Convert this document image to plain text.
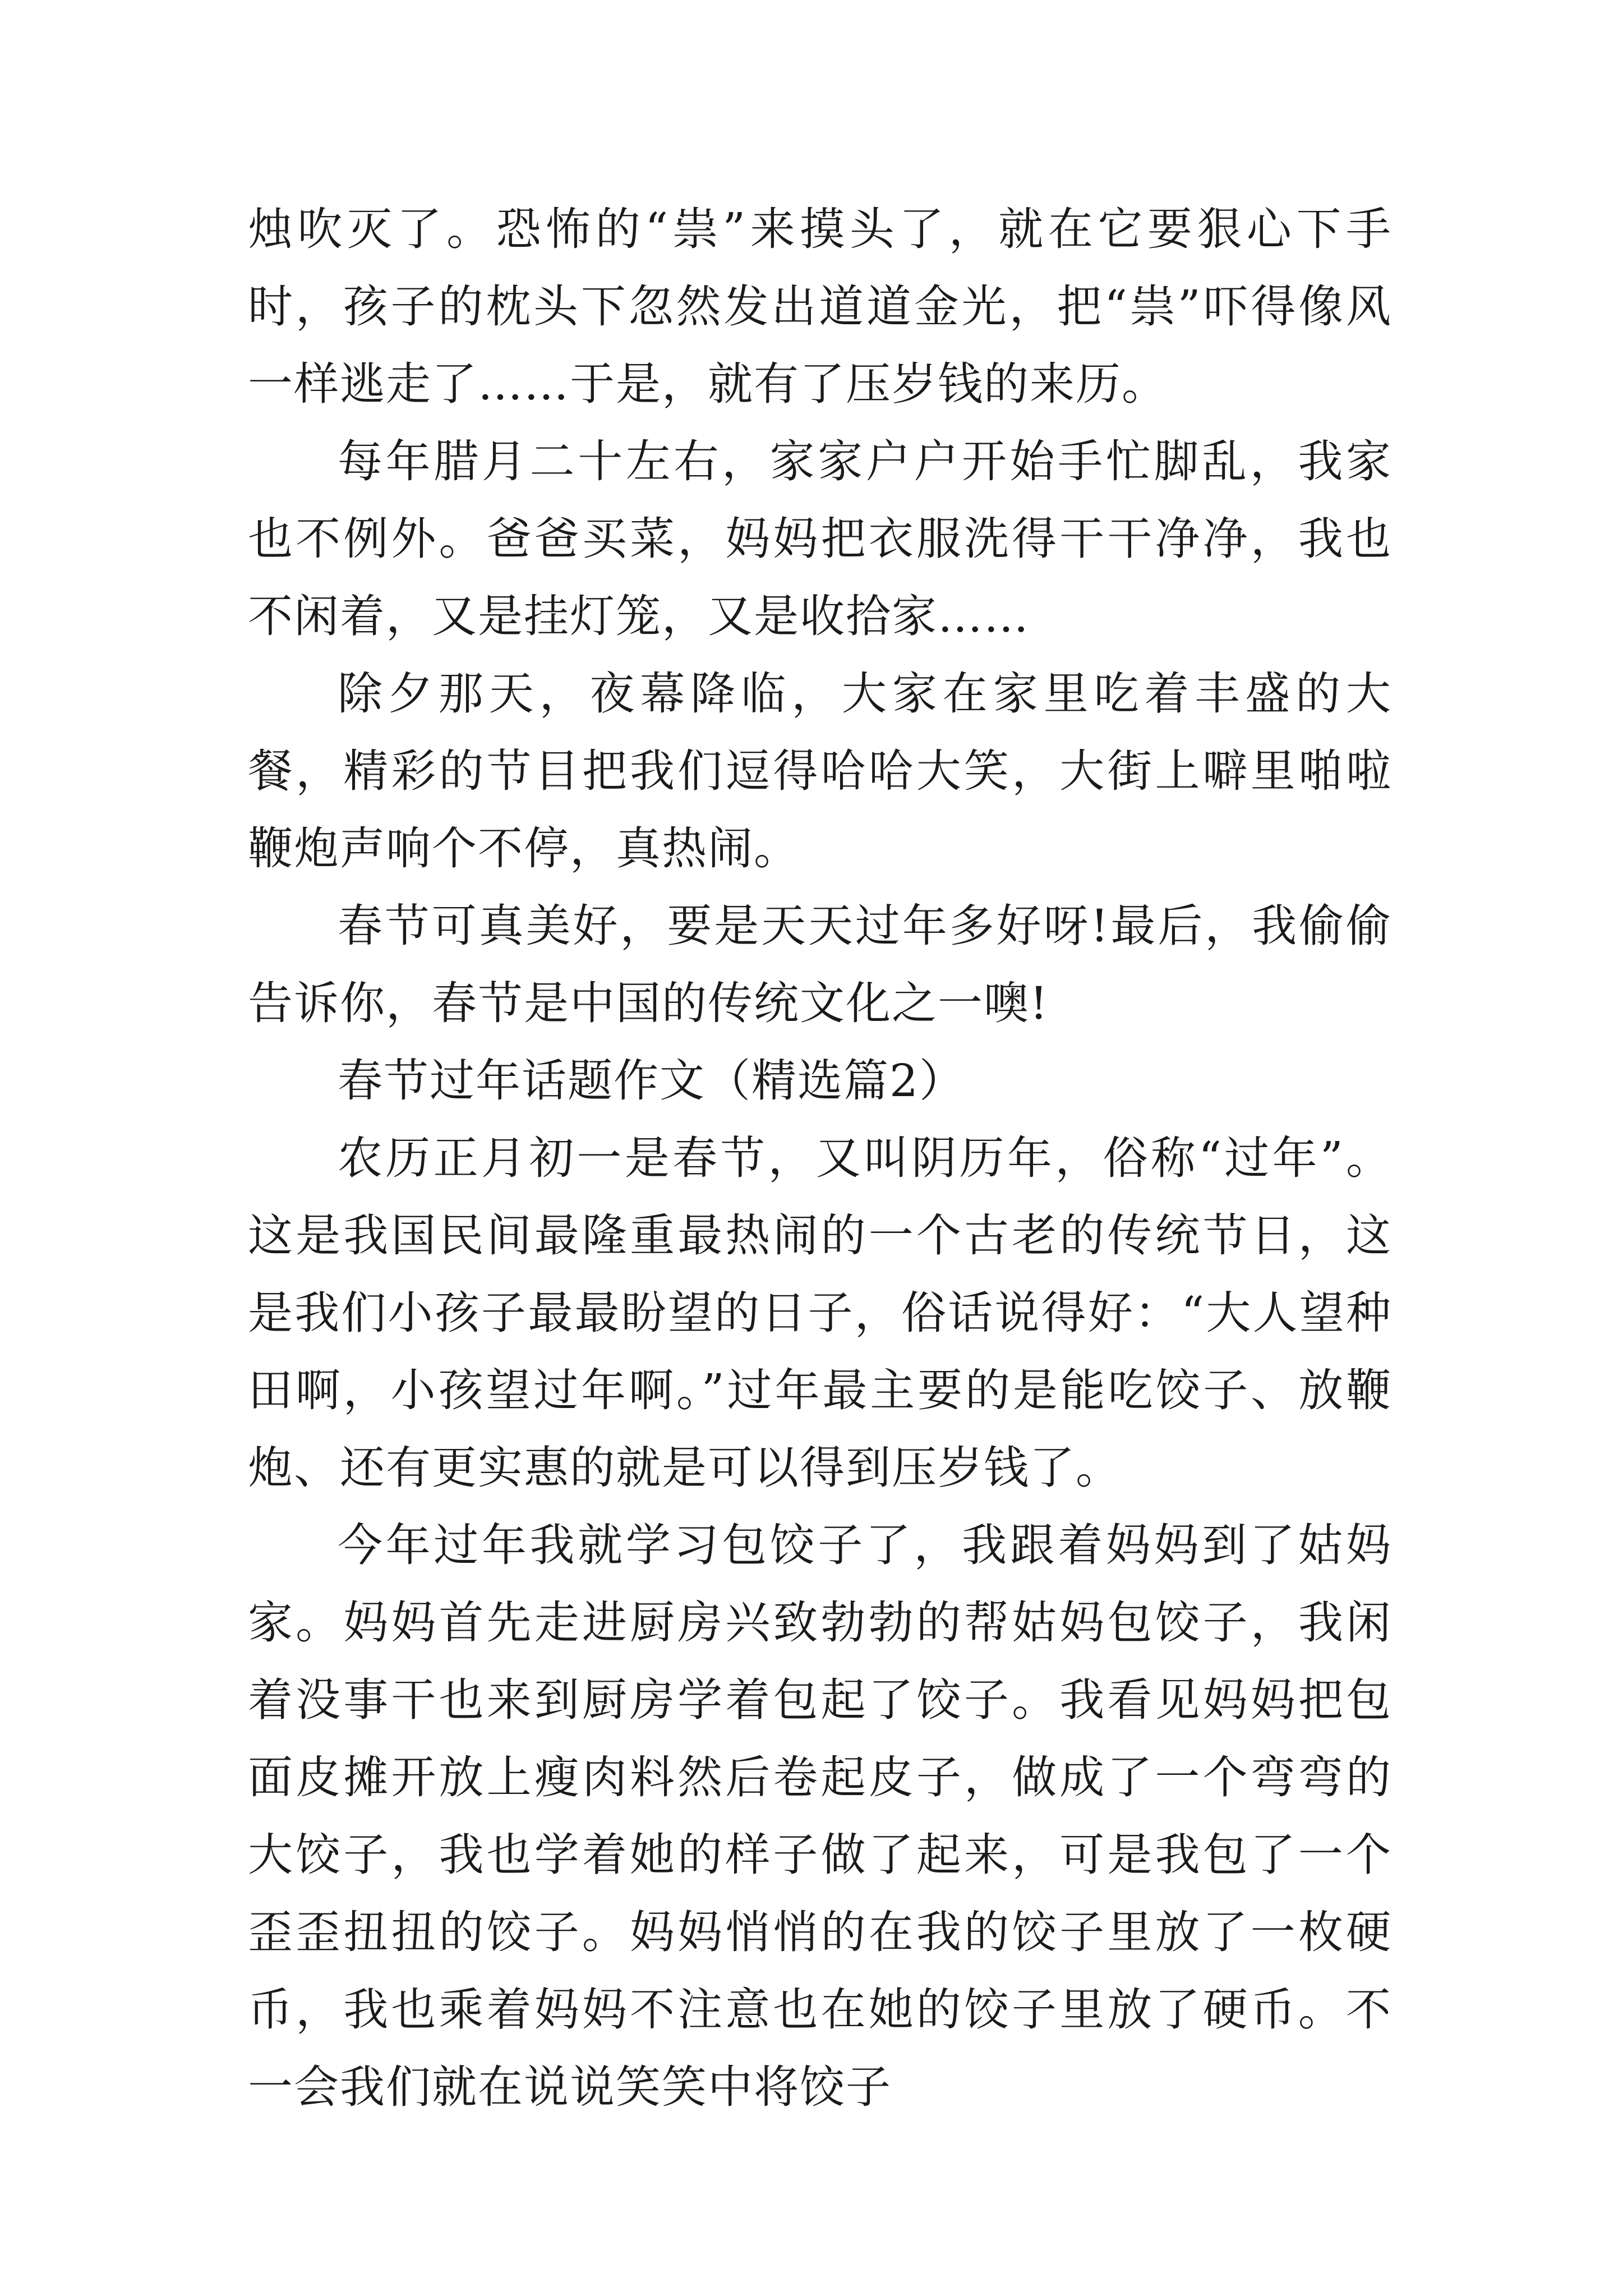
烛吹灭了。恐怖的“祟”来摸头了，就在它要狠心下手时，孩子的枕头下忽然发出道道金光，把“祟”吓得像风一样逃走了……于是，就有了压岁钱的来历。

每年腊月二十左右，家家户户开始手忙脚乱，我家也不例外。爸爸买菜，妈妈把衣服洗得干干净净，我也不闲着，又是挂灯笼，又是收拾家……

除夕那天，夜幕降临，大家在家里吃着丰盛的大餐，精彩的节目把我们逗得哈哈大笑，大街上噼里啪啦鞭炮声响个不停，真热闹。

春节可真美好，要是天天过年多好呀!最后，我偷偷告诉你，春节是中国的传统文化之一噢!

春节过年话题作文（精选篇2）

农历正月初一是春节，又叫阴历年，俗称“过年”。这是我国民间最隆重最热闹的一个古老的传统节日，这是我们小孩子最最盼望的日子，俗话说得好：“大人望种田啊，小孩望过年啊。”过年最主要的是能吃饺子、放鞭炮、还有更实惠的就是可以得到压岁钱了。

今年过年我就学习包饺子了，我跟着妈妈到了姑妈家。妈妈首先走进厨房兴致勃勃的帮姑妈包饺子，我闲着没事干也来到厨房学着包起了饺子。我看见妈妈把包面皮摊开放上瘦肉料然后卷起皮子，做成了一个弯弯的大饺子，我也学着她的样子做了起来，可是我包了一个歪歪扭扭的饺子。妈妈悄悄的在我的饺子里放了一枚硬币，我也乘着妈妈不注意也在她的饺子里放了硬币。不一会我们就在说说笑笑中将饺子
